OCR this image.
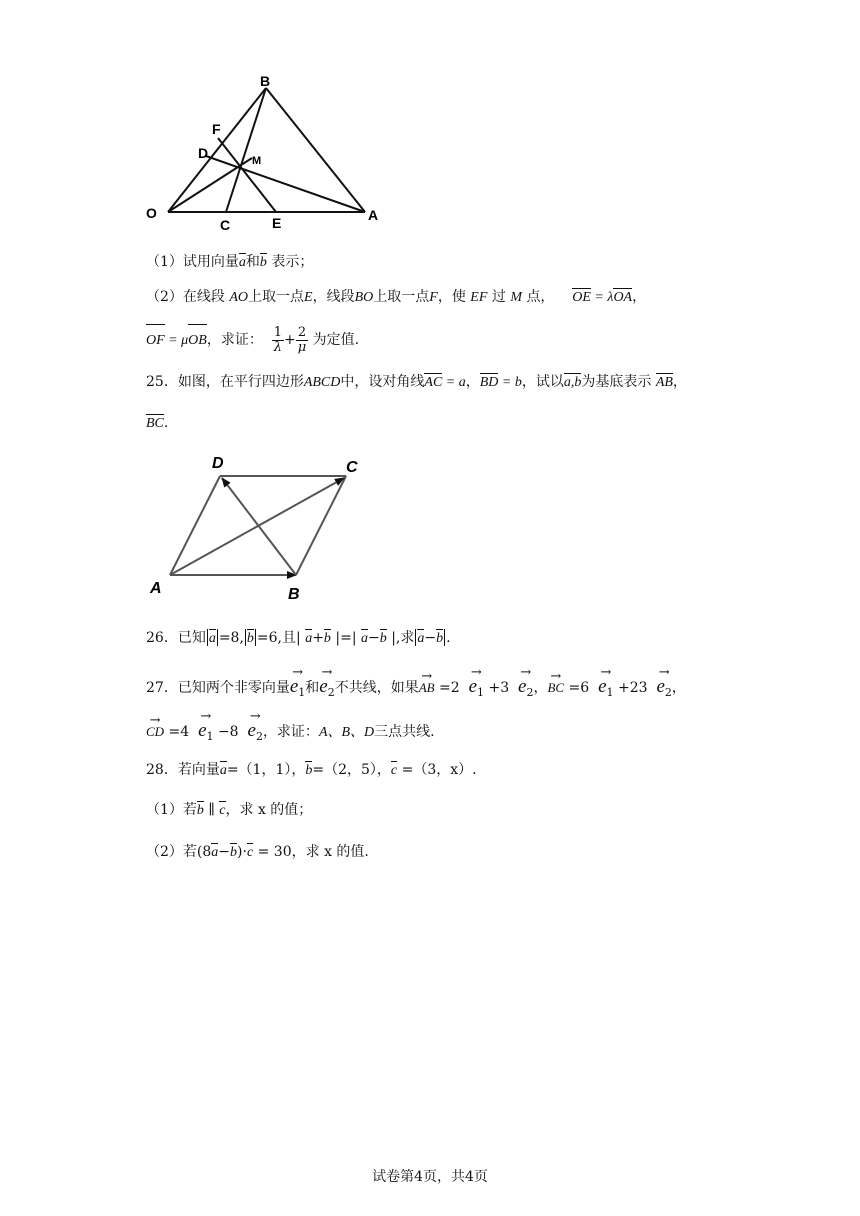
B
F
D	M
O
C	E	A
（1）试用向量a和b 表示；
（2）在线段 AO上取一点E，线段BO上取一点F，使 EF 过 M 点， OE = λOA，
OF = μOB，求证： $\frac{1}{\lambda} + \frac{2}{\mu}$ 为定值.
25．如图，在平行四边形ABCD中，设对角线AC = a，BD = b，试以a,b为基底表示 AB，
BC.
D	C
A	B
26．已知 a =8, b =6,且| a+b |=| a−b |,求 a−b .
27．已知两个非零向量
→
$e_1$和
→
$e_2$不共线，如果
→
AB =2
→
$e_1 +3$
→
$e_2$，
→
BC =6
→
$e_1 +23$
→
$e_2$，
→
CD =4
→
$e_1 -8$
→
$e_2$，求证：A、B、D三点共线.
28．若向量a=（1，1），b=（2，5），c =（3，x）.
（1）若b ∥ c，求 x 的值；
（2）若(8a−b)·c = 30，求 x 的值.
试卷第4页，共4页
